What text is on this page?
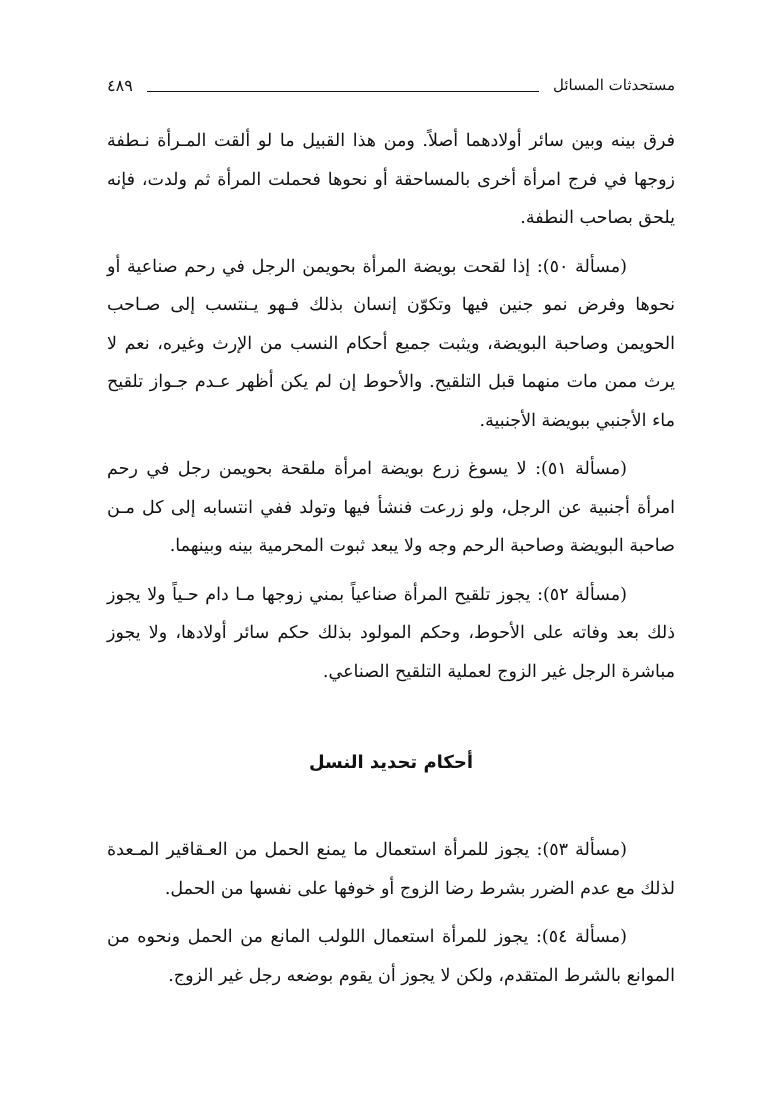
مستحدثات المسائل
٤٨٩

فرق بينه وبين سائر أولادهما أصلاً. ومن هذا القبيل ما لو ألقت المـرأة نـطفة زوجها في فرج امرأة أخرى بالمساحقة أو نحوها فحملت المرأة ثم ولدت، فإنه يلحق بصاحب النطفة.

(مسألة ٥٠): إذا لقحت بويضة المرأة بحويمن الرجل في رحم صناعية أو نحوها وفرض نمو جنين فيها وتكوّن إنسان بذلك فـهو يـنتسب إلى صـاحب الحويمن وصاحبة البويضة، ويثبت جميع أحكام النسب من الإرث وغيره، نعم لا يرث ممن مات منهما قبل التلقيح. والأحوط إن لم يكن أظهر عـدم جـواز تلقيح ماء الأجنبي ببويضة الأجنبية.

(مسألة ٥١): لا يسوغ زرع بويضة امرأة ملقحة بحويمن رجل في رحم امرأة أجنبية عن الرجل، ولو زرعت فنشأ فيها وتولد ففي انتسابه إلى كل مـن صاحبة البويضة وصاحبة الرحم وجه ولا يبعد ثبوت المحرمية بينه وبينهما.

(مسألة ٥٢): يجوز تلقيح المرأة صناعياً بمني زوجها مـا دام حـياً ولا يجوز ذلك بعد وفاته على الأحوط، وحكم المولود بذلك حكم سائر أولادها، ولا يجوز مباشرة الرجل غير الزوج لعملية التلقيح الصناعي.

أحكام تحديد النسل

(مسألة ٥٣): يجوز للمرأة استعمال ما يمنع الحمل من العـقاقير المـعدة لذلك مع عدم الضرر بشرط رضا الزوج أو خوفها على نفسها من الحمل.

(مسألة ٥٤): يجوز للمرأة استعمال اللولب المانع من الحمل ونحوه من الموانع بالشرط المتقدم، ولكن لا يجوز أن يقوم بوضعه رجل غير الزوج.
